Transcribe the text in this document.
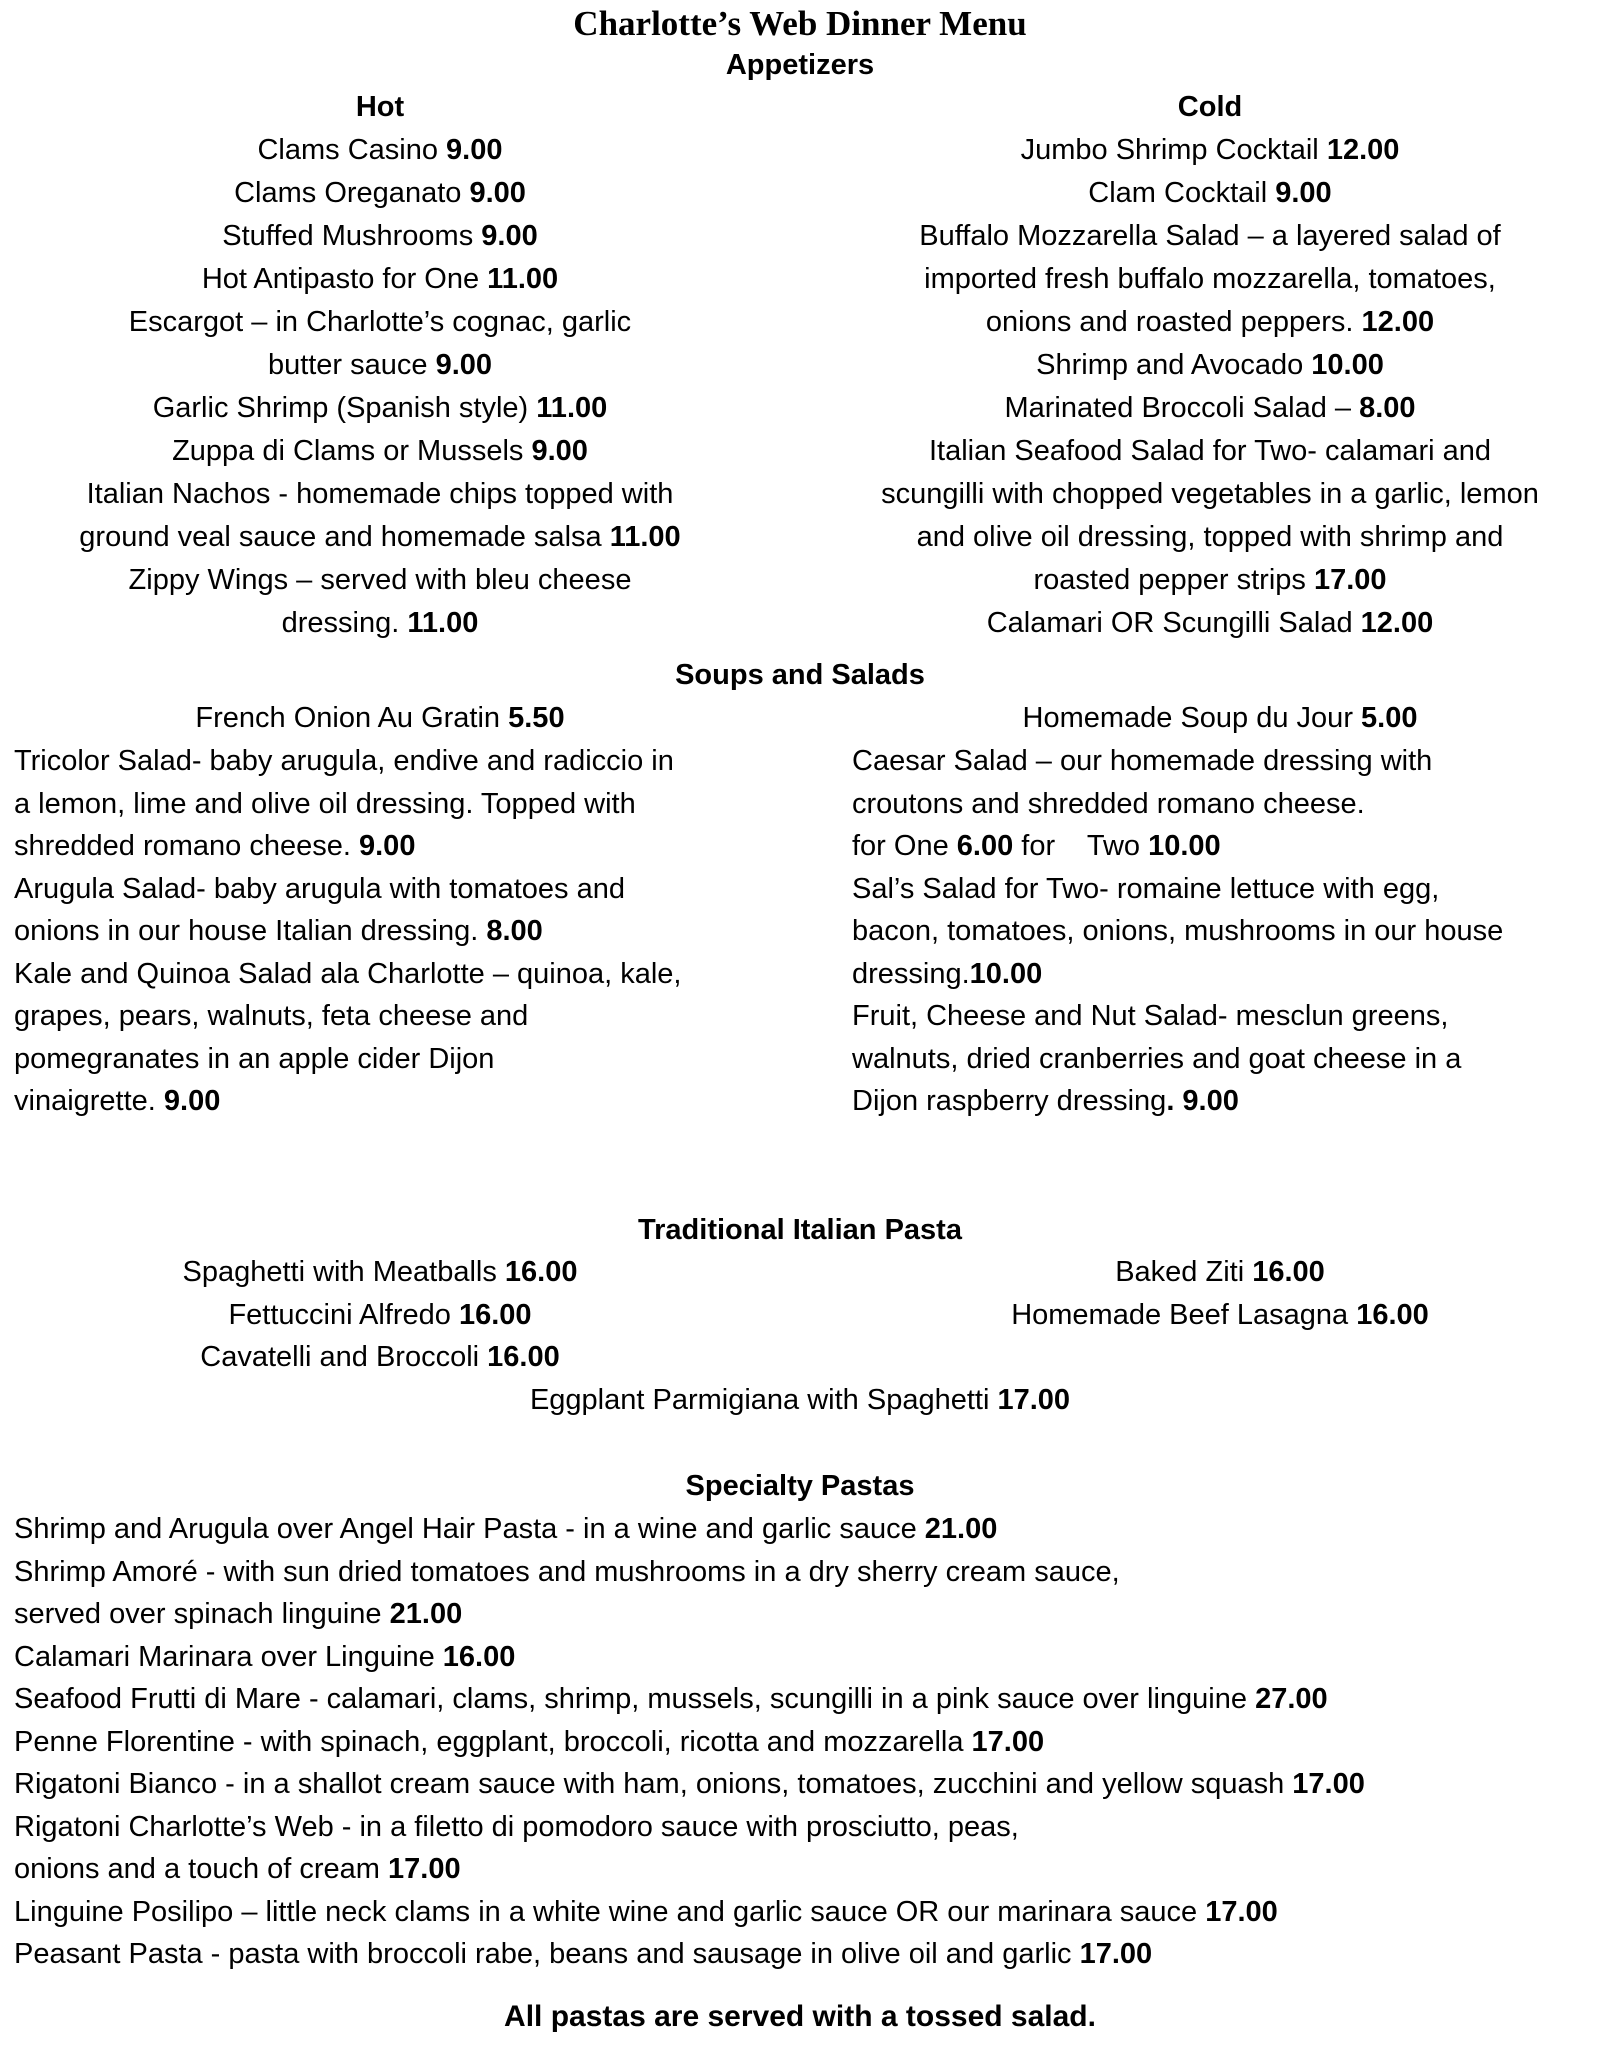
Charlotte’s Web Dinner Menu
Appetizers
Hot
Clams Casino 9.00
Clams Oreganato 9.00
Stuffed Mushrooms 9.00
Hot Antipasto for One 11.00
Escargot – in Charlotte’s cognac, garlic
butter sauce 9.00
Garlic Shrimp (Spanish style) 11.00
Zuppa di Clams or Mussels 9.00
Italian Nachos - homemade chips topped with
ground veal sauce and homemade salsa 11.00
Zippy Wings – served with bleu cheese
dressing. 11.00
Cold
Jumbo Shrimp Cocktail 12.00
Clam Cocktail 9.00
Buffalo Mozzarella Salad – a layered salad of
imported fresh buffalo mozzarella, tomatoes,
onions and roasted peppers. 12.00
Shrimp and Avocado 10.00
Marinated Broccoli Salad – 8.00
Italian Seafood Salad for Two- calamari and
scungilli with chopped vegetables in a garlic, lemon
and olive oil dressing, topped with shrimp and
roasted pepper strips 17.00
Calamari OR Scungilli Salad 12.00
Soups and Salads
French Onion Au Gratin 5.50	Homemade Soup du Jour 5.00
Tricolor Salad- baby arugula, endive and radiccio in
a lemon, lime and olive oil dressing. Topped with
shredded romano cheese. 9.00
Arugula Salad- baby arugula with tomatoes and
onions in our house Italian dressing. 8.00
Kale and Quinoa Salad ala Charlotte – quinoa, kale,
grapes, pears, walnuts, feta cheese and
pomegranates in an apple cider Dijon
vinaigrette. 9.00
Caesar Salad – our homemade dressing with
croutons and shredded romano cheese.
for One 6.00 for    Two 10.00
Sal’s Salad for Two- romaine lettuce with egg,
bacon, tomatoes, onions, mushrooms in our house
dressing.10.00
Fruit, Cheese and Nut Salad- mesclun greens,
walnuts, dried cranberries and goat cheese in a
Dijon raspberry dressing. 9.00
Traditional Italian Pasta
Spaghetti with Meatballs 16.00
Fettuccini Alfredo 16.00
Cavatelli and Broccoli 16.00
Baked Ziti 16.00
Homemade Beef Lasagna 16.00
Eggplant Parmigiana with Spaghetti 17.00
Specialty Pastas
Shrimp and Arugula over Angel Hair Pasta - in a wine and garlic sauce 21.00
Shrimp Amoré - with sun dried tomatoes and mushrooms in a dry sherry cream sauce,
served over spinach linguine 21.00
Calamari Marinara over Linguine 16.00
Seafood Frutti di Mare - calamari, clams, shrimp, mussels, scungilli in a pink sauce over linguine 27.00
Penne Florentine - with spinach, eggplant, broccoli, ricotta and mozzarella 17.00
Rigatoni Bianco - in a shallot cream sauce with ham, onions, tomatoes, zucchini and yellow squash 17.00
Rigatoni Charlotte’s Web - in a filetto di pomodoro sauce with prosciutto, peas,
onions and a touch of cream 17.00
Linguine Posilipo – little neck clams in a white wine and garlic sauce OR our marinara sauce 17.00
Peasant Pasta - pasta with broccoli rabe, beans and sausage in olive oil and garlic 17.00
All pastas are served with a tossed salad.
